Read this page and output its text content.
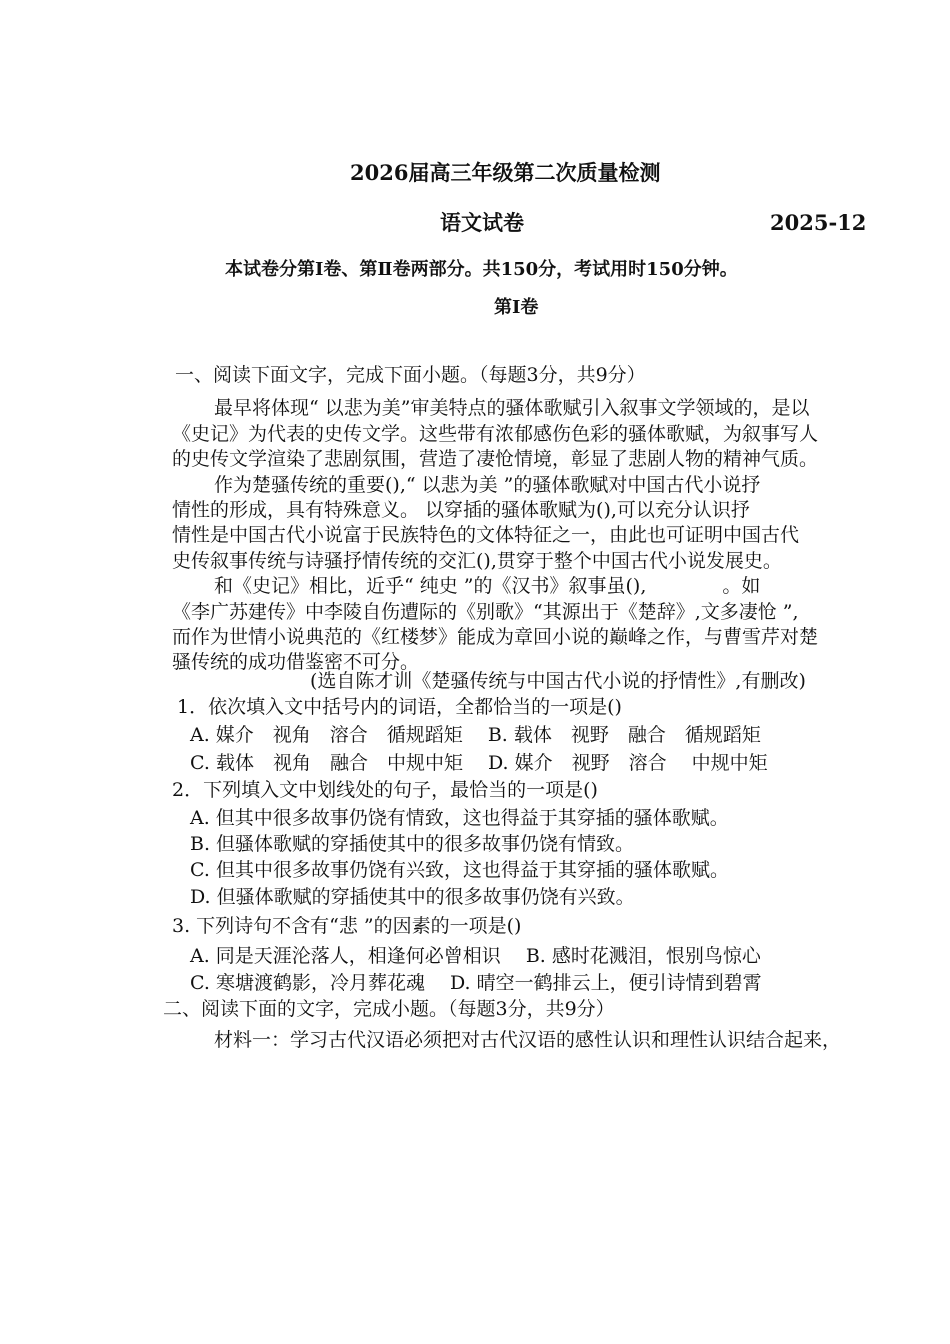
2026届高三年级第二次质量检测
语文试卷	2025-12
本试卷分第I卷、第Ⅱ卷两部分。共150分，考试用时150分钟。
第I卷
一、阅读下面文字，完成下面小题。（每题3分，共9分）
最早将体现“ 以悲为美”审美特点的骚体歌赋引入叙事文学领域的，是以
《史记》为代表的史传文学。这些带有浓郁感伤色彩的骚体歌赋，为叙事写人
的史传文学渲染了悲剧氛围，营造了凄怆情境，彰显了悲剧人物的精神气质。
作为楚骚传统的重要(),“ 以悲为美 ”的骚体歌赋对中国古代小说抒
情性的形成，具有特殊意义。 以穿插的骚体歌赋为(),可以充分认识抒
情性是中国古代小说富于民族特色的文体特征之一，由此也可证明中国古代
史传叙事传统与诗骚抒情传统的交汇(),贯穿于整个中国古代小说发展史。
和《史记》相比，近乎“ 纯史 ”的《汉书》叙事虽(),　　　　。如
《李广苏建传》中李陵自伤遭际的《别歌》“其源出于《楚辞》,文多凄怆 ”,
而作为世情小说典范的《红楼梦》能成为章回小说的巅峰之作，与曹雪芹对楚
骚传统的成功借鉴密不可分。
(选自陈才训《楚骚传统与中国古代小说的抒情性》,有删改)
1．依次填入文中括号内的词语，全都恰当的一项是()
A. 媒介　视角　溶合　循规蹈矩　 B. 载体　视野　融合　循规蹈矩
C. 载体　视角　融合　中规中矩　 D. 媒介　视野　溶合　 中规中矩
2．下列填入文中划线处的句子，最恰当的一项是()
A. 但其中很多故事仍饶有情致，这也得益于其穿插的骚体歌赋。
B. 但骚体歌赋的穿插使其中的很多故事仍饶有情致。
C. 但其中很多故事仍饶有兴致，这也得益于其穿插的骚体歌赋。
D. 但骚体歌赋的穿插使其中的很多故事仍饶有兴致。
3. 下列诗句不含有“悲 ”的因素的一项是()
A. 同是天涯沦落人，相逢何必曾相识　 B. 感时花溅泪，恨别鸟惊心
C. 寒塘渡鹤影，冷月葬花魂　 D. 晴空一鹤排云上，便引诗情到碧霄
二、阅读下面的文字，完成小题。（每题3分，共9分）
材料一：学习古代汉语必须把对古代汉语的感性认识和理性认识结合起来，
